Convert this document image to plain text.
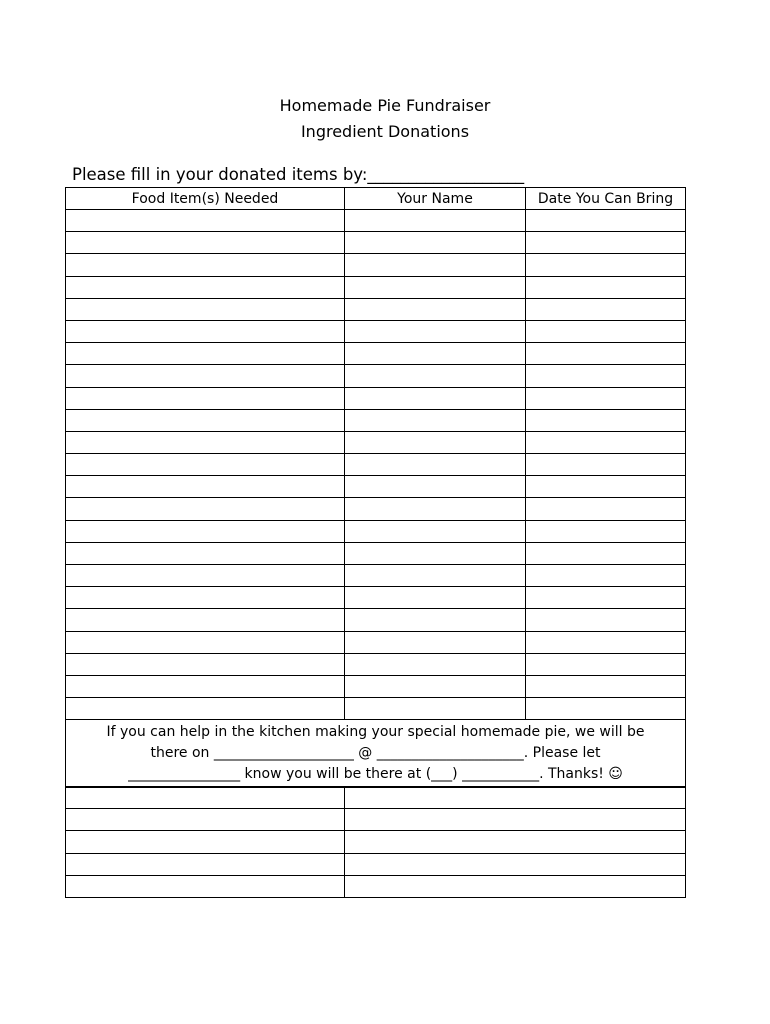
Homemade Pie Fundraiser
Ingredient Donations
Please fill in your donated items by:___________________
Food Item(s) Needed	Your Name	Date You Can Bring

If you can help in the kitchen making your special homemade pie, we will be
there on ____________________ @ _____________________. Please let
________________ know you will be there at (___) ___________. Thanks! ☺		
